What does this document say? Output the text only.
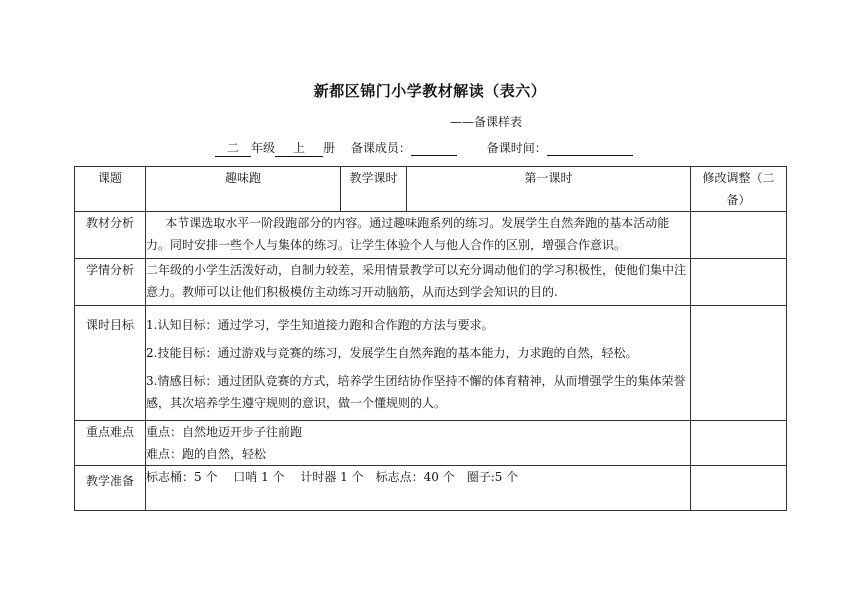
新都区锦门小学教材解读（表六）
——备课样表
二 年级 上 册 备课成员：	备课时间：
课题	趣味跑	教学课时	第一课时	修改调整（二备）
教材分析	本节课选取水平一阶段跑部分的内容。通过趣味跑系列的练习。发展学生自然奔跑的基本活动能力。同时安排一些个人与集体的练习。让学生体验个人与他人合作的区别，增强合作意识。			
学情分析	二年级的小学生活泼好动，自制力较差，采用情景教学可以充分调动他们的学习积极性，使他们集中注意力。教师可以让他们积极模仿主动练习开动脑筋，从而达到学会知识的目的.			
课时目标	1.认知目标：通过学习，学生知道接力跑和合作跑的方法与要求。

2.技能目标：通过游戏与竞赛的练习，发展学生自然奔跑的基本能力，力求跑的自然，轻松。

3.情感目标：通过团队竞赛的方式，培养学生团结协作坚持不懈的体育精神，从而增强学生的集体荣誉感，其次培养学生遵守规则的意识，做一个懂规则的人。			

重点难点	重点：自然地迈开步子往前跑
难点：跑的自然，轻松			

教学准备	标志桶：5 个　 口哨 1 个　 计时器 1 个　标志点：40 个　圈子:5 个			
